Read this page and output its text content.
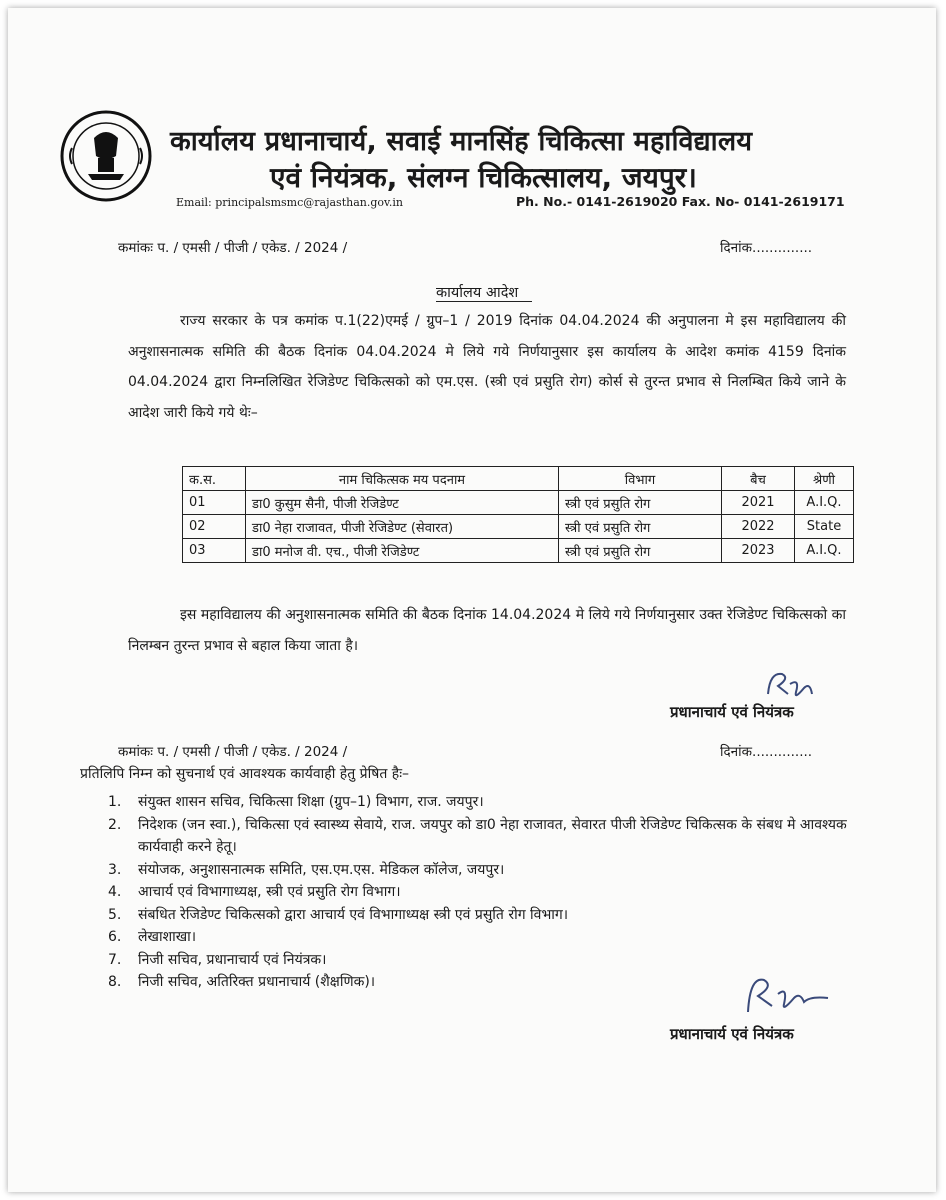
कार्यालय प्रधानाचार्य, सवाई मानसिंह चिकित्सा महाविद्यालय
एवं नियंत्रक, संलग्न चिकित्सालय, जयपुर।
Email: principalsmsmc@rajasthan.gov.in	Ph. No.- 0141-2619020 Fax. No- 0141-2619171
कमांकः प. / एमसी / पीजी / एकेड. / 2024 /	दिनांक..............
कार्यालय आदेश
राज्य सरकार के पत्र कमांक प.1(22)एमई / ग्रुप–1 / 2019 दिनांक 04.04.2024 की अनुपालना मे इस महाविद्यालय की अनुशासनात्मक समिति की बैठक दिनांक 04.04.2024 मे लिये गये निर्णयानुसार इस कार्यालय के आदेश कमांक 4159 दिनांक 04.04.2024 द्वारा निम्नलिखित रेजिडेण्ट चिकित्सको को एम.एस. (स्त्री एवं प्रसुति रोग) कोर्स से तुरन्त प्रभाव से निलम्बित किये जाने के आदेश जारी किये गये थेः–
क.स.	नाम चिकित्सक मय पदनाम	विभाग	बैच	श्रेणी
01	डा0 कुसुम सैनी, पीजी रेजिडेण्ट	स्त्री एवं प्रसुति रोग	2021	A.I.Q.
02	डा0 नेहा राजावत, पीजी रेजिडेण्ट (सेवारत)	स्त्री एवं प्रसुति रोग	2022	State
03	डा0 मनोज वी. एच., पीजी रेजिडेण्ट	स्त्री एवं प्रसुति रोग	2023	A.I.Q.
इस महाविद्यालय की अनुशासनात्मक समिति की बैठक दिनांक 14.04.2024 मे लिये गये निर्णयानुसार उक्त रेजिडेण्ट चिकित्सको का निलम्बन तुरन्त प्रभाव से बहाल किया जाता है।
प्रधानाचार्य एवं नियंत्रक
कमांकः प. / एमसी / पीजी / एकेड. / 2024 /	दिनांक..............
प्रतिलिपि निम्न को सुचनार्थ एवं आवश्यक कार्यवाही हेतु प्रेषित हैः–
1.	संयुक्त शासन सचिव, चिकित्सा शिक्षा (ग्रुप–1) विभाग, राज. जयपुर।
2.	निदेशक (जन स्वा.), चिकित्सा एवं स्वास्थ्य सेवाये, राज. जयपुर को डा0 नेहा राजावत, सेवारत पीजी रेजिडेण्ट चिकित्सक के संबध मे आवश्यक कार्यवाही करने हेतू।
3.	संयोजक, अनुशासनात्मक समिति, एस.एम.एस. मेडिकल कॉलेज, जयपुर।
4.	आचार्य एवं विभागाध्यक्ष, स्त्री एवं प्रसुति रोग विभाग।
5.	संबधित रेजिडेण्ट चिकित्सको द्वारा आचार्य एवं विभागाध्यक्ष स्त्री एवं प्रसुति रोग विभाग।
6.	लेखाशाखा।
7.	निजी सचिव, प्रधानाचार्य एवं नियंत्रक।
8.	निजी सचिव, अतिरिक्त प्रधानाचार्य (शैक्षणिक)।
प्रधानाचार्य एवं नियंत्रक
